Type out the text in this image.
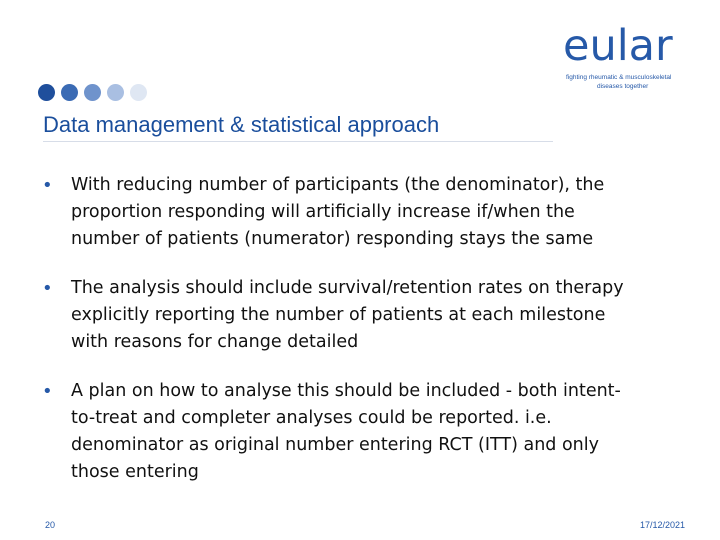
eular
fighting rheumatic & musculoskeletal
diseases together
Data management & statistical approach
• With reducing number of participants (the denominator), the
proportion responding will artificially increase if/when the
number of patients (numerator) responding stays the same
• The analysis should include survival/retention rates on therapy
explicitly reporting the number of patients at each milestone
with reasons for change detailed
• A plan on how to analyse this should be included - both intent-
to-treat and completer analyses could be reported. i.e.
denominator as original number entering RCT (ITT) and only
those entering
20	17/12/2021
